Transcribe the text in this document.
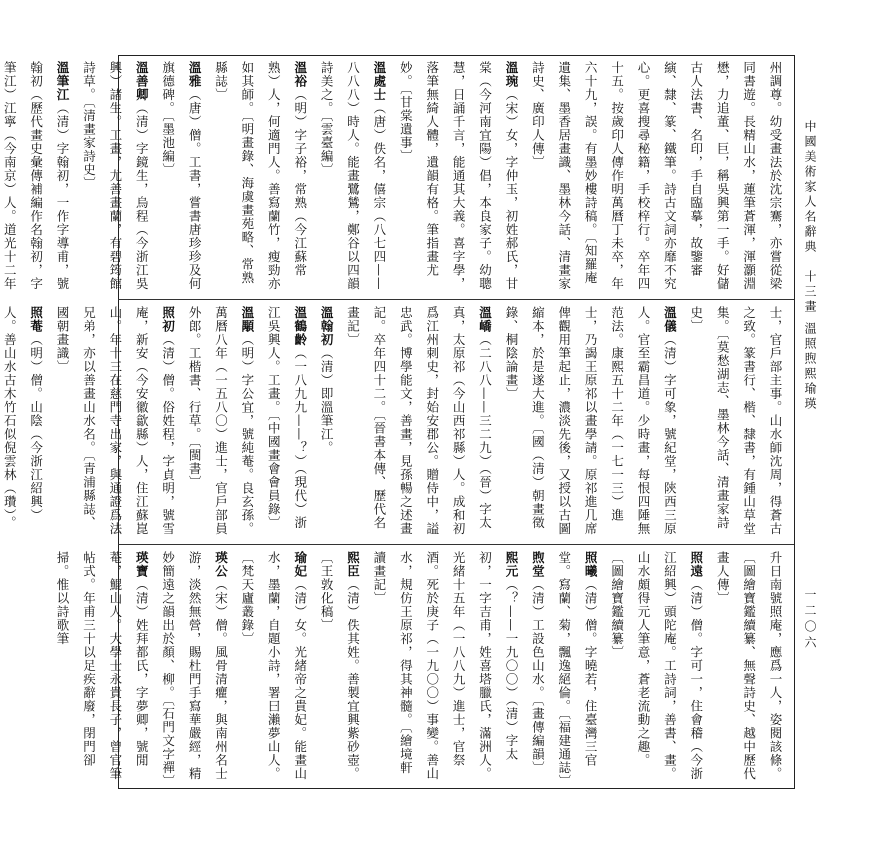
中國美術家人名辭典
十三畫 溫照煦熙瑜瑛
一二〇六

州調尊。幼受畫法於沈宗騫，亦嘗從梁同書遊。長精山水，蓮筆蒼渾，渾灝淵懋，力追董、巨，稱吳興第一手。好儲古人法書、名印，手自臨摹，故鑒審縯、隸、篆、鐵筆。詩古文詞亦靡不究心。更喜搜尋秘籍，手校梓行。卒年四十五。按歲印人傳作明萬曆丁未卒，年六十九，誤。有墨妙樓詩稿。〔知羅庵遺集、墨香居畫識、墨林今話、清畫家詩史、廣印人傳〕

溫琬（宋）女，字仲玉，初姓郝氏，甘棠（今河南宜陽）倡，本良家子。幼聰慧，日誦千言，能通其大義。喜字學，落筆無綺人體，遺韻有格。筆指畫尤妙。〔甘棠遺事〕

溫處士（唐）佚名，僖宗（八七四——八八八）時人。能畫鷺鷥，鄭谷以四韻詩美之。〔雲臺編〕

溫裕（明）字子裕，常熟（今江蘇常熟）人，何適門人。善寫蘭竹，瘦勁亦如其師。〔明畫錄、海虞畫苑略、常熟縣誌〕

溫雅（唐）僧。工書，嘗書唐珍珍及何旗德碑。〔墨池編〕

溫善卿（清）字鏡生，烏程（今浙江吳興）諸生。工畫，尤善畫蘭，有碧筠館詩草。〔清畫家詩史〕

溫筆江（清）字翰初，一作字導甫，號翰初（歷代畫史彙傳補編作名翰初，字筆江）江寧（今南京）人。道光十二年

士，官戶部主事。山水師沈周，得蒼古之致。篆書行、楷、隸書，有鍾山草堂集。〔莫愁湖志、墨林今話、清畫家詩史〕

溫儀（清）字可象，號紀堂，陝西三原人。官至霸昌道。少時畫，每恨四陲無范法。康熙五十二年（一七一三）進士，乃謁王原祁以畫學請。原祁進几席俾觀用筆起止，濃淡先後，又授以古圖縮本，於是遂大進。〔國（清）朝畫徵錄、桐陰論畫〕

溫嶠（二八八——三二九）（晉）字太真，太原祁（今山西祁縣）人。成和初爲江州刺史，封始安郡公。贈侍中，謚忠武。博學能文，善畫，見孫暢之述畫記。卒年四十二。〔晉書本傳、歷代名畫記〕

溫翰初（清）即溫筆江。

溫鶴齡（一八九九——？）（現代）浙江吳興人。工畫。〔中國畫會會員錄〕

溫顒（明）字公宜，號純菴。良玄孫。萬曆八年（一五八〇）進士，官戶部員外郎。工楷書、行草。〔閩書〕

照初（清）僧。俗姓程，字貞明，號雪庵，新安（今安徽歙縣）人，住江蘇崑山。年十三在慈門寺出家，與通證爲法兄弟，亦以善畫山水名。〔青浦縣誌、國朝畫識〕

照菴（明）僧。山陰（今浙江紹興）人。善山水古木竹石似倪雲林（瓚）。

升日南號照庵，應爲一人，姿閱該條。〔圖繪寶鑑續纂、無聲詩史、越中歷代畫人傳〕

照遠（清）僧。字可一，住會稽（今浙江紹興）頭陀庵。工詩詞，善書、畫。山水頗得元人筆意，蒼老流動之趣。〔圖繪寶鑑續纂〕

照曦（清）僧。字曉若，住臺灣三官堂。寫蘭、菊，飄逸絕倫。〔福建通誌〕

煦堂（清）工設色山水。〔畫傳編韻〕

熙元（？——一九〇〇）（清）字太初，一字吉甫，姓喜塔臘氏，滿洲人。光緒十五年（一八八九）進士，官祭酒。死於庚子（一九〇〇）事變。善山水，規仿王原祁，得其神髓。〔繪境軒讀畫記〕

熙臣（清）佚其姓。善製宜興紫砂壺。〔王敦化稿〕

瑜妃（清）女。光緒帝之貴妃。能畫山水，墨蘭，自題小詩，署曰瀨夢山人。〔梵天廬叢錄〕

瑛公（宋）僧。風骨清癯，與南州名士游，淡然無營，賜杜門手寫華嚴經，精妙簡遠之韻出於顏、柳。〔石門文字禪〕

瑛寶（清）姓拜都氏，字夢卿，號閒菴，鯤山人。大學士永貴長子，曾官筆帖式。年甫三十以足疾辭廢，閉門卻掃。惟以詩歌筆
